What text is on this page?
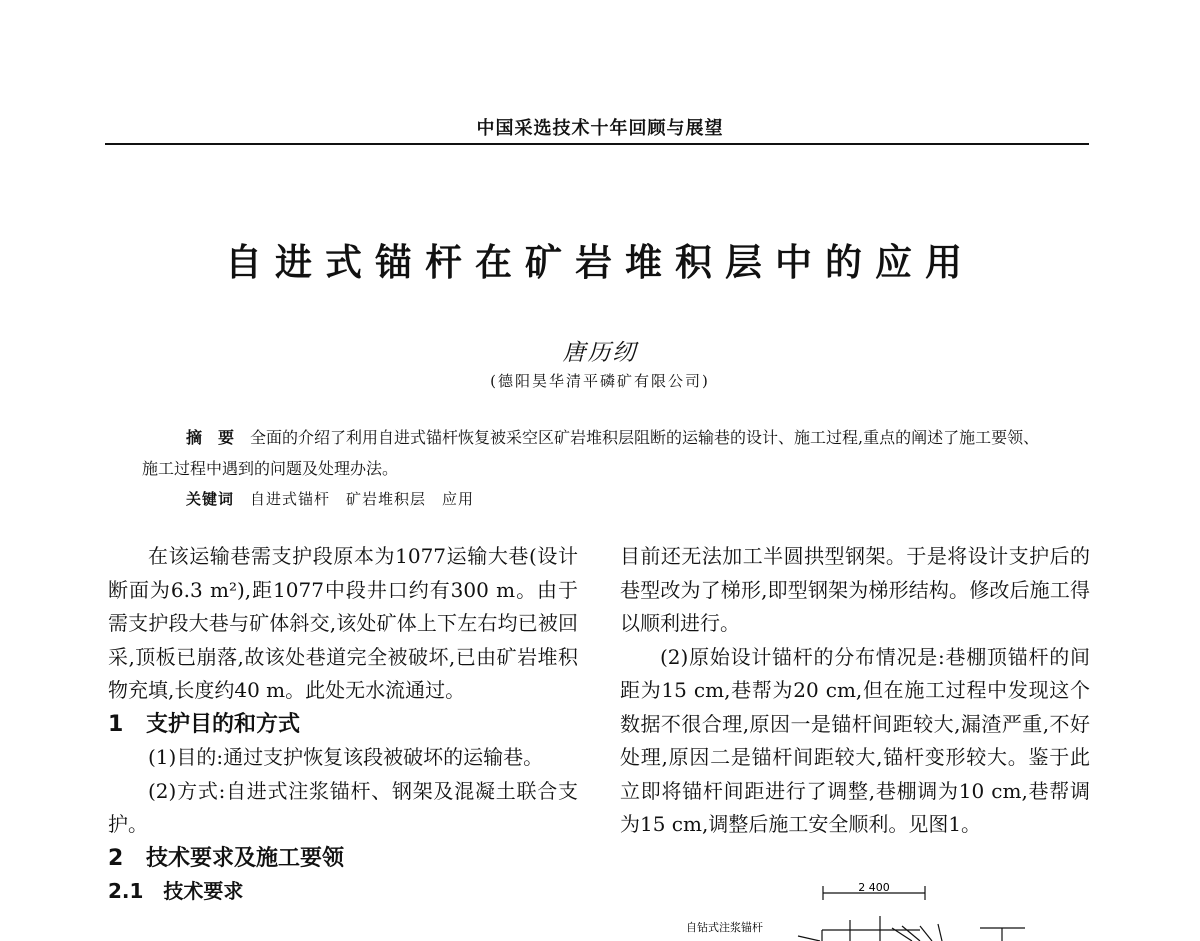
中国采选技术十年回顾与展望
自进式锚杆在矿岩堆积层中的应用
唐历纫
(德阳昊华清平磷矿有限公司)

摘　要　 全面的介绍了利用自进式锚杆恢复被采空区矿岩堆积层阻断的运输巷的设计、施工过程,重点的阐述了施工要领、施工过程中遇到的问题及处理办法。

关键词　 自进式锚杆　矿岩堆积层　应用

在该运输巷需支护段原本为1077运输大巷(设计断面为6.3 m²),距1077中段井口约有300 m。由于需支护段大巷与矿体斜交,该处矿体上下左右均已被回采,顶板已崩落,故该处巷道完全被破坏,已由矿岩堆积物充填,长度约40 m。此处无水流通过。

1 支护目的和方式

(1)目的:通过支护恢复该段被破坏的运输巷。

(2)方式:自进式注浆锚杆、钢架及混凝土联合支护。

2 技术要求及施工要领

2.1　技术要求

目前还无法加工半圆拱型钢架。于是将设计支护后的巷型改为了梯形,即型钢架为梯形结构。修改后施工得以顺利进行。

(2)原始设计锚杆的分布情况是:巷棚顶锚杆的间距为15 cm,巷帮为20 cm,但在施工过程中发现这个数据不很合理,原因一是锚杆间距较大,漏渣严重,不好处理,原因二是锚杆间距较大,锚杆变形较大。鉴于此立即将锚杆间距进行了调整,巷棚调为10 cm,巷帮调为15 cm,调整后施工安全顺利。见图1。

2 400
自钻式注浆锚杆
